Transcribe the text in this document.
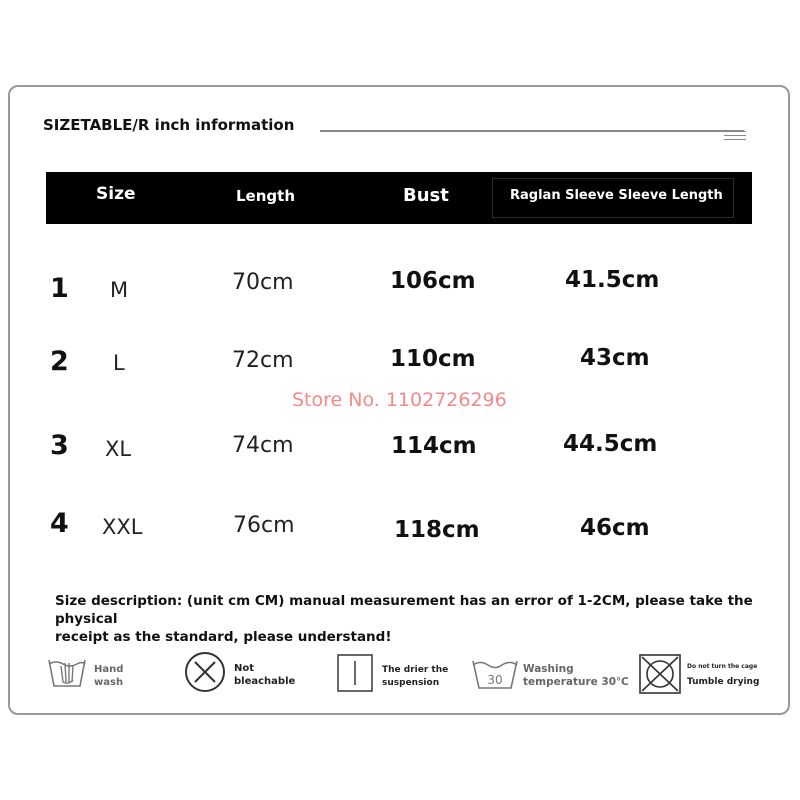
SIZETABLE/R inch information
Size	Length	Bust	Raglan Sleeve Sleeve Length
1 M	70cm	106cm	41.5cm
2 L	72cm	110cm	43cm
3 XL	74cm	114cm	44.5cm
4 XXL	76cm	118cm	46cm
Store No. 1102726296
Size description: (unit cm CM) manual measurement has an error of 1-2CM, please take the physical
receipt as the standard, please understand!
Hand
wash
Not
bleachable
The drier the
suspension	30
Washing
temperature 30℃
Do not turn the cage
Tumble drying
